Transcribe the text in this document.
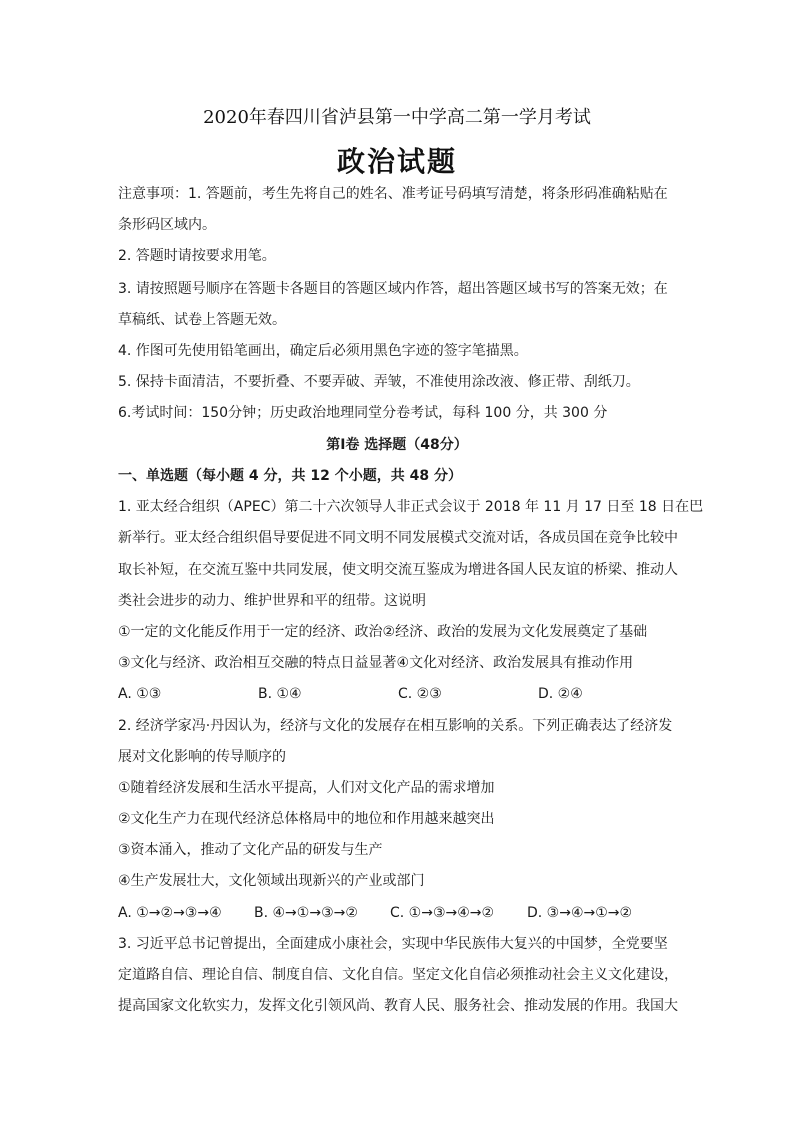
2020年春四川省泸县第一中学高二第一学月考试
政治试题
注意事项：1. 答题前，考生先将自己的姓名、准考证号码填写清楚，将条形码准确粘贴在
条形码区域内。
2. 答题时请按要求用笔。
3. 请按照题号顺序在答题卡各题目的答题区域内作答，超出答题区域书写的答案无效；在
草稿纸、试卷上答题无效。
4. 作图可先使用铅笔画出，确定后必须用黑色字迹的签字笔描黑。
5. 保持卡面清洁，不要折叠、不要弄破、弄皱，不准使用涂改液、修正带、刮纸刀。
6.考试时间：150分钟；历史政治地理同堂分卷考试，每科 100 分，共 300 分
第Ⅰ卷 选择题（48分）
一、单选题（每小题 4 分，共 12 个小题，共 48 分）
1. 亚太经合组织（APEC）第二十六次领导人非正式会议于 2018 年 11 月 17 日至 18 日在巴
新举行。亚太经合组织倡导要促进不同文明不同发展模式交流对话，各成员国在竞争比较中
取长补短，在交流互鉴中共同发展，使文明交流互鉴成为增进各国人民友谊的桥梁、推动人
类社会进步的动力、维护世界和平的纽带。这说明
①一定的文化能反作用于一定的经济、政治②经济、政治的发展为文化发展奠定了基础
③文化与经济、政治相互交融的特点日益显著④文化对经济、政治发展具有推动作用
A. ①③	B. ①④	C. ②③	D. ②④
2. 经济学家冯·丹因认为，经济与文化的发展存在相互影响的关系。下列正确表达了经济发
展对文化影响的传导顺序的
①随着经济发展和生活水平提高，人们对文化产品的需求增加
②文化生产力在现代经济总体格局中的地位和作用越来越突出
③资本涌入，推动了文化产品的研发与生产
④生产发展壮大，文化领域出现新兴的产业或部门
A. ①→②→③→④	B. ④→①→③→②	C. ①→③→④→②	D. ③→④→①→②
3. 习近平总书记曾提出，全面建成小康社会，实现中华民族伟大复兴的中国梦，全党要坚
定道路自信、理论自信、制度自信、文化自信。坚定文化自信必须推动社会主义文化建设，
提高国家文化软实力，发挥文化引领风尚、教育人民、服务社会、推动发展的作用。我国大
